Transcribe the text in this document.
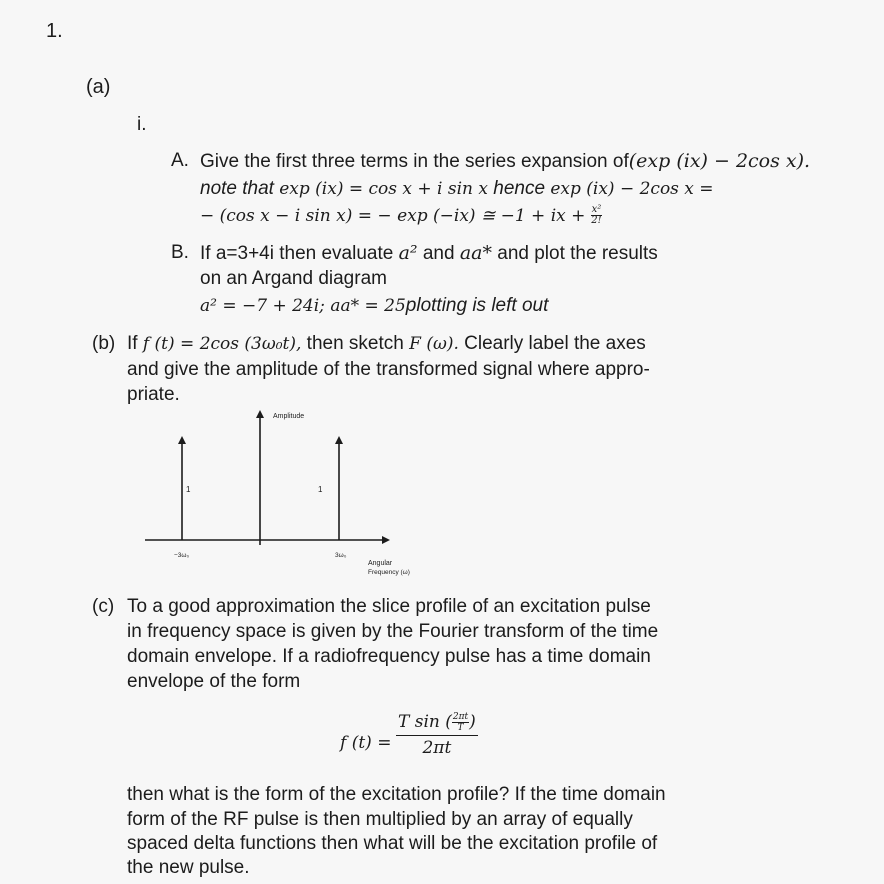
1.
(a)
i.
A. Give the first three terms in the series expansion of(exp (ix) − 2cos x).
note that exp (ix) = cos x + i sin x hence exp (ix) − 2cos x =
− (cos x − i sin x) = − exp (−ix) ≅ −1 + ix + $\frac{\text{x²}}{2!}$
B. If a=3+4i then evaluate a² and aa* and plot the results
on an Argand diagram
a² = −7 + 24i; aa* = 25plotting is left out
(b) If f (t) = 2cos (3ω₀t), then sketch F (ω). Clearly label the axes
and give the amplitude of the transformed signal where appro-
priate.
Amplitude
Angular
Frequency (ω)
1
−3ω₀
1
3ω₀
(c) To a good approximation the slice profile of an excitation pulse
in frequency space is given by the Fourier transform of the time
domain envelope. If a radiofrequency pulse has a time domain
envelope of the form
f (t) =
T sin ( $\frac{2\pi t}{T}$ )
2πt
then what is the form of the excitation profile? If the time domain
form of the RF pulse is then multiplied by an array of equally
spaced delta functions then what will be the excitation profile of
the new pulse.
